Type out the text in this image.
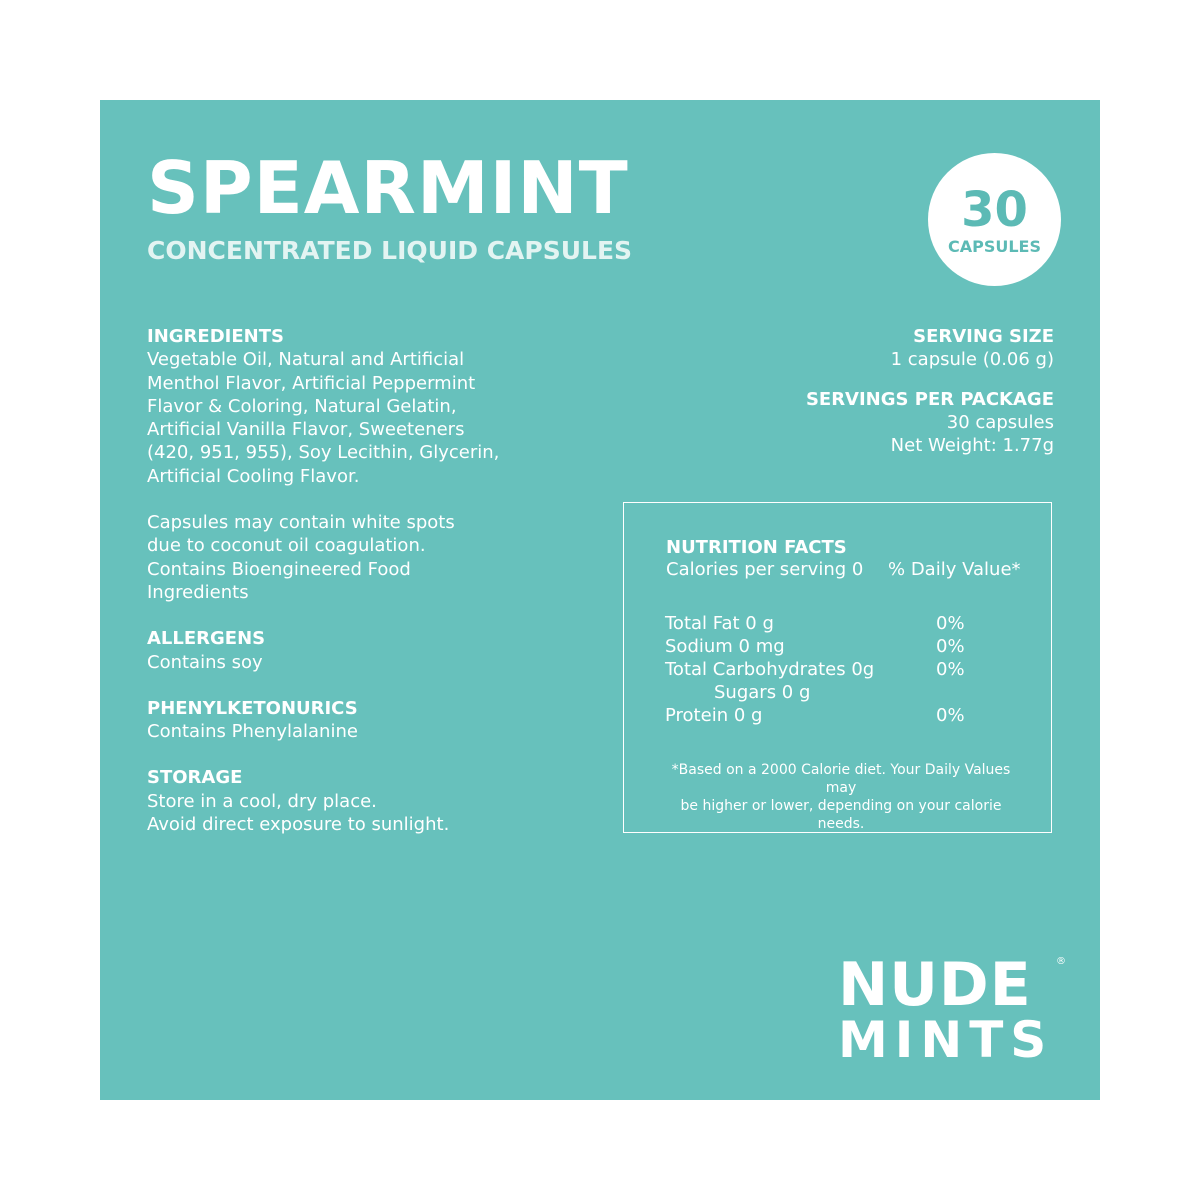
SPEARMINT
CONCENTRATED LIQUID CAPSULES
30
CAPSULES
INGREDIENTS
Vegetable Oil, Natural and Artificial
Menthol Flavor, Artificial Peppermint
Flavor & Coloring, Natural Gelatin,
Artificial Vanilla Flavor, Sweeteners
(420, 951, 955), Soy Lecithin, Glycerin,
Artificial Cooling Flavor.
Capsules may contain white spots
due to coconut oil coagulation.
Contains Bioengineered Food
Ingredients
ALLERGENS
Contains soy
PHENYLKETONURICS
Contains Phenylalanine
STORAGE
Store in a cool, dry place.
Avoid direct exposure to sunlight.
SERVING SIZE
1 capsule (0.06 g)
SERVINGS PER PACKAGE
30 capsules
Net Weight: 1.77g
NUTRITION FACTS
Calories per serving 0 % Daily Value*
Total Fat 0 g	0%
Sodium 0 mg	0%
Total Carbohydrates 0g	0%
Sugars 0 g
Protein 0 g	0%
*Based on a 2000 Calorie diet. Your Daily Values may
be higher or lower, depending on your calorie needs.
NUDE ®
MINTS
